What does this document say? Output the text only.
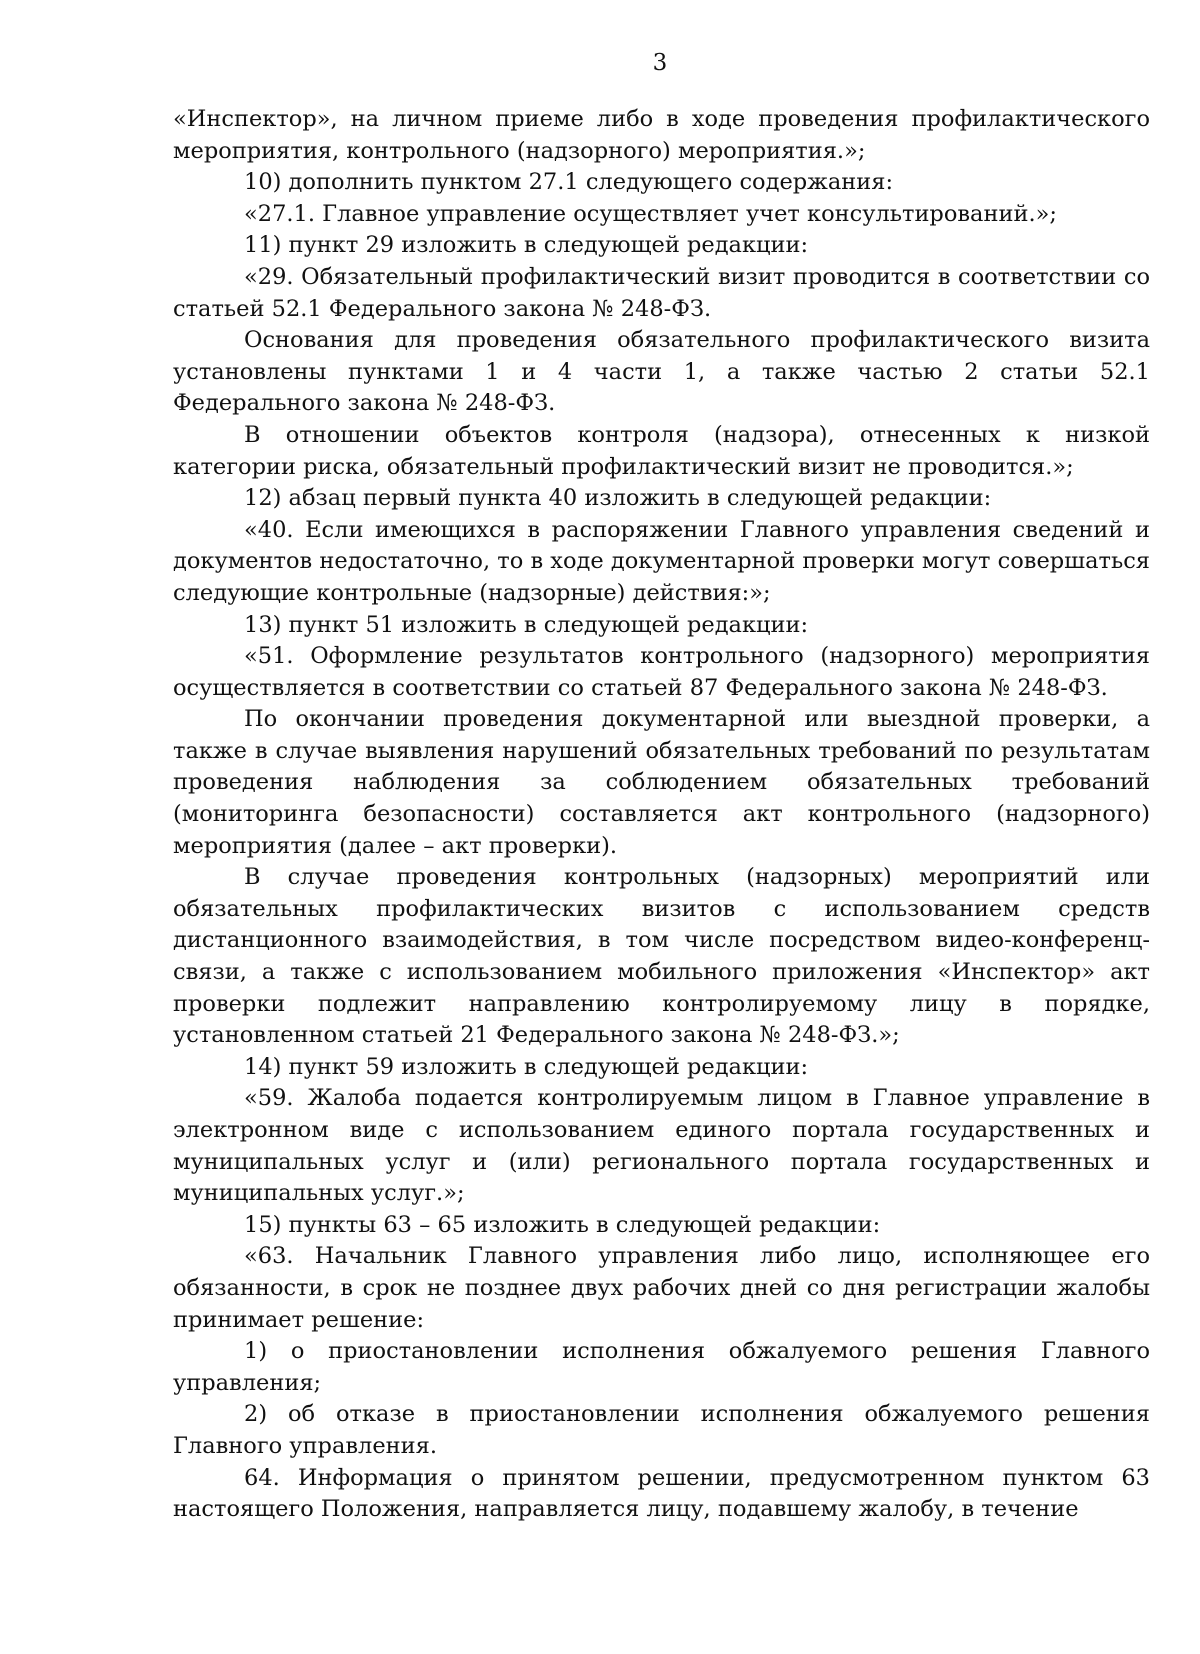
3

«Инспектор», на личном приеме либо в ходе проведения профилактического мероприятия, контрольного (надзорного) мероприятия.»;

10) дополнить пунктом 27.1 следующего содержания:

«27.1. Главное управление осуществляет учет консультирований.»;

11) пункт 29 изложить в следующей редакции:

«29. Обязательный профилактический визит проводится в соответствии со статьей 52.1 Федерального закона № 248-ФЗ.

Основания для проведения обязательного профилактического визита установлены пунктами 1 и 4 части 1, а также частью 2 статьи 52.1 Федерального закона № 248-ФЗ.

В отношении объектов контроля (надзора), отнесенных к низкой категории риска, обязательный профилактический визит не проводится.»;

12) абзац первый пункта 40 изложить в следующей редакции:

«40. Если имеющихся в распоряжении Главного управления сведений и документов недостаточно, то в ходе документарной проверки могут совершаться следующие контрольные (надзорные) действия:»;

13) пункт 51 изложить в следующей редакции:

«51. Оформление результатов контрольного (надзорного) мероприятия осуществляется в соответствии со статьей 87 Федерального закона № 248-ФЗ.

По окончании проведения документарной или выездной проверки, а также в случае выявления нарушений обязательных требований по результатам проведения наблюдения за соблюдением обязательных требований (мониторинга безопасности) составляется акт контрольного (надзорного) мероприятия (далее – акт проверки).

В случае проведения контрольных (надзорных) мероприятий или обязательных профилактических визитов с использованием средств дистанционного взаимодействия, в том числе посредством видео-конференц-связи, а также с использованием мобильного приложения «Инспектор» акт проверки подлежит направлению контролируемому лицу в порядке, установленном статьей 21 Федерального закона № 248-ФЗ.»;

14) пункт 59 изложить в следующей редакции:

«59. Жалоба подается контролируемым лицом в Главное управление в электронном виде с использованием единого портала государственных и муниципальных услуг и (или) регионального портала государственных и муниципальных услуг.»;

15) пункты 63 – 65 изложить в следующей редакции:

«63. Начальник Главного управления либо лицо, исполняющее его обязанности, в срок не позднее двух рабочих дней со дня регистрации жалобы принимает решение:

1) о приостановлении исполнения обжалуемого решения Главного управления;

2) об отказе в приостановлении исполнения обжалуемого решения Главного управления.

64. Информация о принятом решении, предусмотренном пунктом 63 настоящего Положения, направляется лицу, подавшему жалобу, в течение
